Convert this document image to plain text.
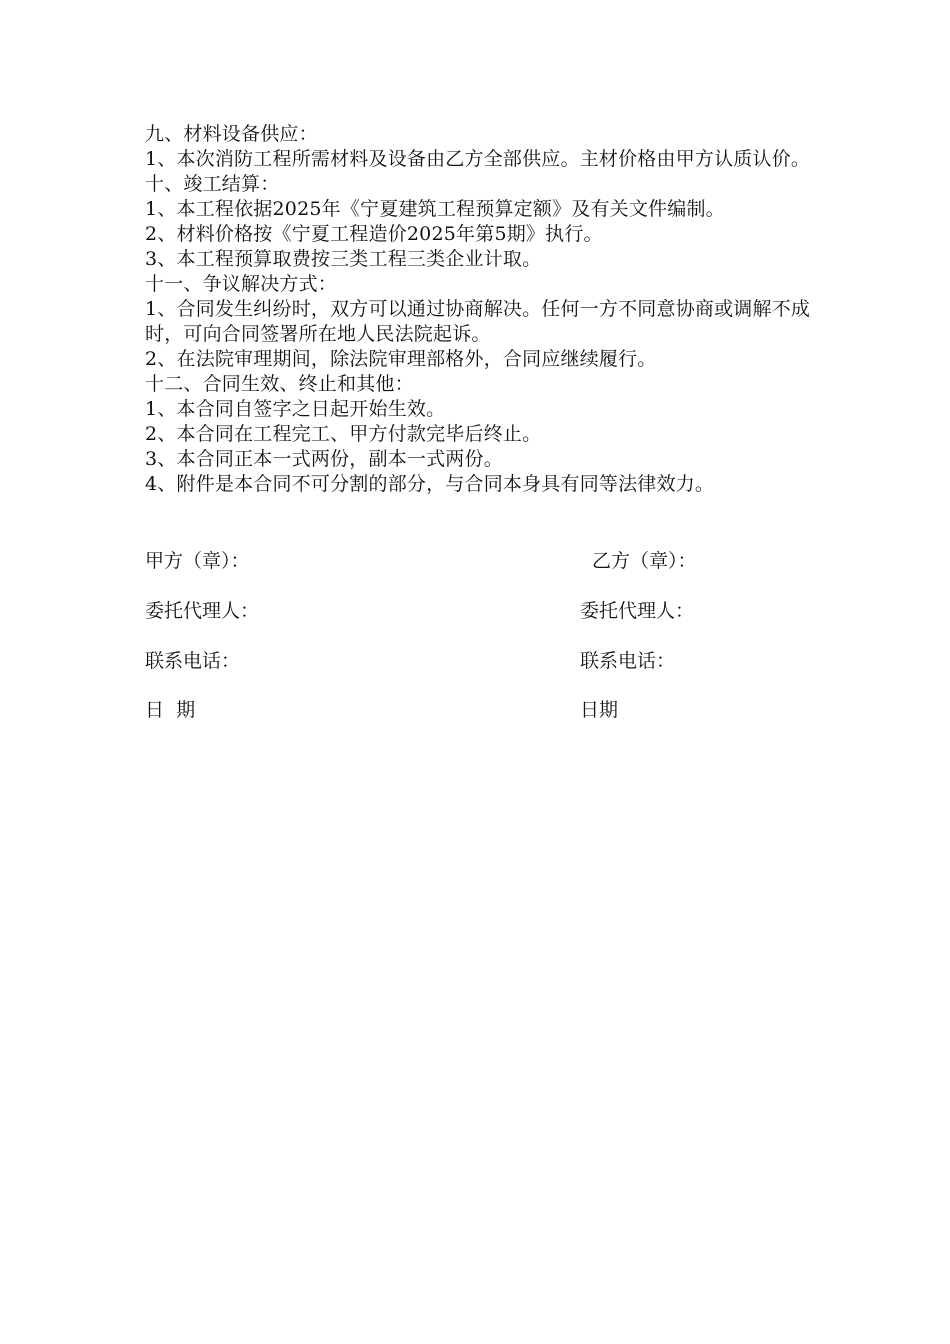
九、材料设备供应：
1、本次消防工程所需材料及设备由乙方全部供应。主材价格由甲方认质认价。
十、竣工结算：
1、本工程依据2025年《宁夏建筑工程预算定额》及有关文件编制。
2、材料价格按《宁夏工程造价2025年第5期》执行。
3、本工程预算取费按三类工程三类企业计取。
十一、争议解决方式：
1、合同发生纠纷时，双方可以通过协商解决。任何一方不同意协商或调解不成时，可向合同签署所在地人民法院起诉。
2、在法院审理期间，除法院审理部格外，合同应继续履行。
十二、合同生效、终止和其他：
1、本合同自签字之日起开始生效。
2、本合同在工程完工、甲方付款完毕后终止。
3、本合同正本一式两份，副本一式两份。
4、附件是本合同不可分割的部分，与合同本身具有同等法律效力。
甲方（章）：	乙方（章）：
委托代理人：	委托代理人：
联系电话：	联系电话：
日  期	日期
